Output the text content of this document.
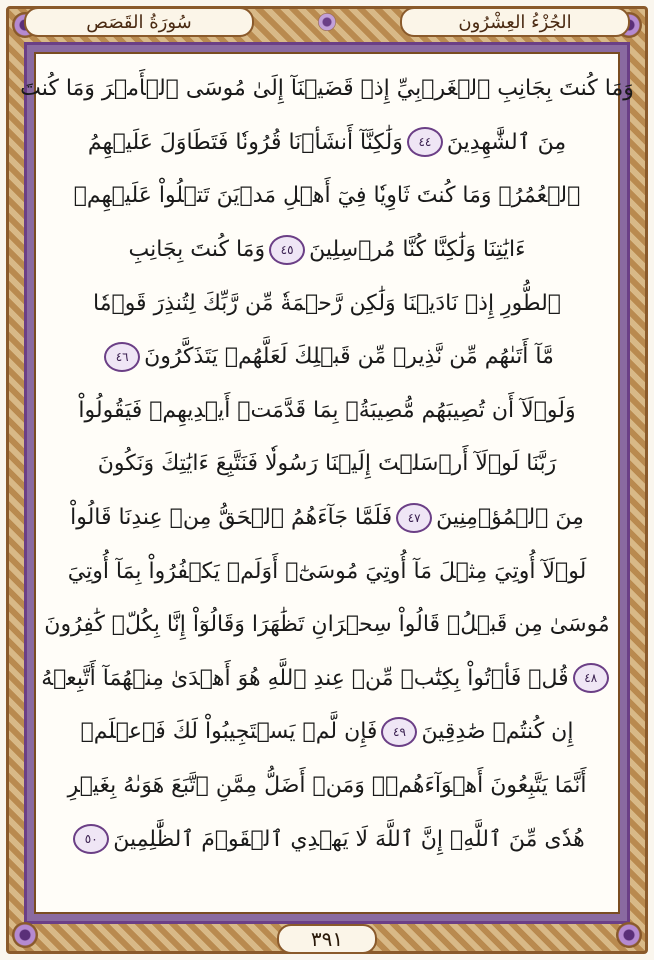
سُورَةُ القَصَص	الجُزْءُ العِشْرُون
وَمَا كُنتَ بِجَانِبِ ٱلۡغَرۡبِيِّ إِذۡ قَضَيۡنَآ إِلَىٰ مُوسَى ٱلۡأَمۡرَ وَمَا كُنتَ
مِنَ ٱلشَّٰهِدِينَ
٤٤
وَلَٰكِنَّآ أَنشَأۡنَا قُرُونٗا فَتَطَاوَلَ عَلَيۡهِمُ
ٱلۡعُمُرُۚ وَمَا كُنتَ ثَاوِيٗا فِيٓ أَهۡلِ مَدۡيَنَ تَتۡلُواْ عَلَيۡهِمۡ
ءَايَٰتِنَا وَلَٰكِنَّا كُنَّا مُرۡسِلِينَ
٤٥
وَمَا كُنتَ بِجَانِبِ
ٱلطُّورِ إِذۡ نَادَيۡنَا وَلَٰكِن رَّحۡمَةٗ مِّن رَّبِّكَ لِتُنذِرَ قَوۡمٗا
مَّآ أَتَىٰهُم مِّن نَّذِيرٖ مِّن قَبۡلِكَ لَعَلَّهُمۡ يَتَذَكَّرُونَ
٤٦
وَلَوۡلَآ أَن تُصِيبَهُم مُّصِيبَةُۢ بِمَا قَدَّمَتۡ أَيۡدِيهِمۡ فَيَقُولُواْ
رَبَّنَا لَوۡلَآ أَرۡسَلۡتَ إِلَيۡنَا رَسُولٗا فَنَتَّبِعَ ءَايَٰتِكَ وَنَكُونَ
مِنَ ٱلۡمُؤۡمِنِينَ
٤٧
فَلَمَّا جَآءَهُمُ ٱلۡحَقُّ مِنۡ عِندِنَا قَالُواْ
لَوۡلَآ أُوتِيَ مِثۡلَ مَآ أُوتِيَ مُوسَىٰٓۚ أَوَلَمۡ يَكۡفُرُواْ بِمَآ أُوتِيَ
مُوسَىٰ مِن قَبۡلُۖ قَالُواْ سِحۡرَانِ تَظَٰهَرَا وَقَالُوٓاْ إِنَّا بِكُلّٖ كَٰفِرُونَ
٤٨
قُلۡ فَأۡتُواْ بِكِتَٰبٖ مِّنۡ عِندِ ٱللَّهِ هُوَ أَهۡدَىٰ مِنۡهُمَآ أَتَّبِعۡهُ
إِن كُنتُمۡ صَٰدِقِينَ
٤٩
فَإِن لَّمۡ يَسۡتَجِيبُواْ لَكَ فَٱعۡلَمۡ
أَنَّمَا يَتَّبِعُونَ أَهۡوَآءَهُمۡۚ وَمَنۡ أَضَلُّ مِمَّنِ ٱتَّبَعَ هَوَىٰهُ بِغَيۡرِ
هُدٗى مِّنَ ٱللَّهِۚ إِنَّ ٱللَّهَ لَا يَهۡدِي ٱلۡقَوۡمَ ٱلظَّٰلِمِينَ
٥٠
٣٩١
